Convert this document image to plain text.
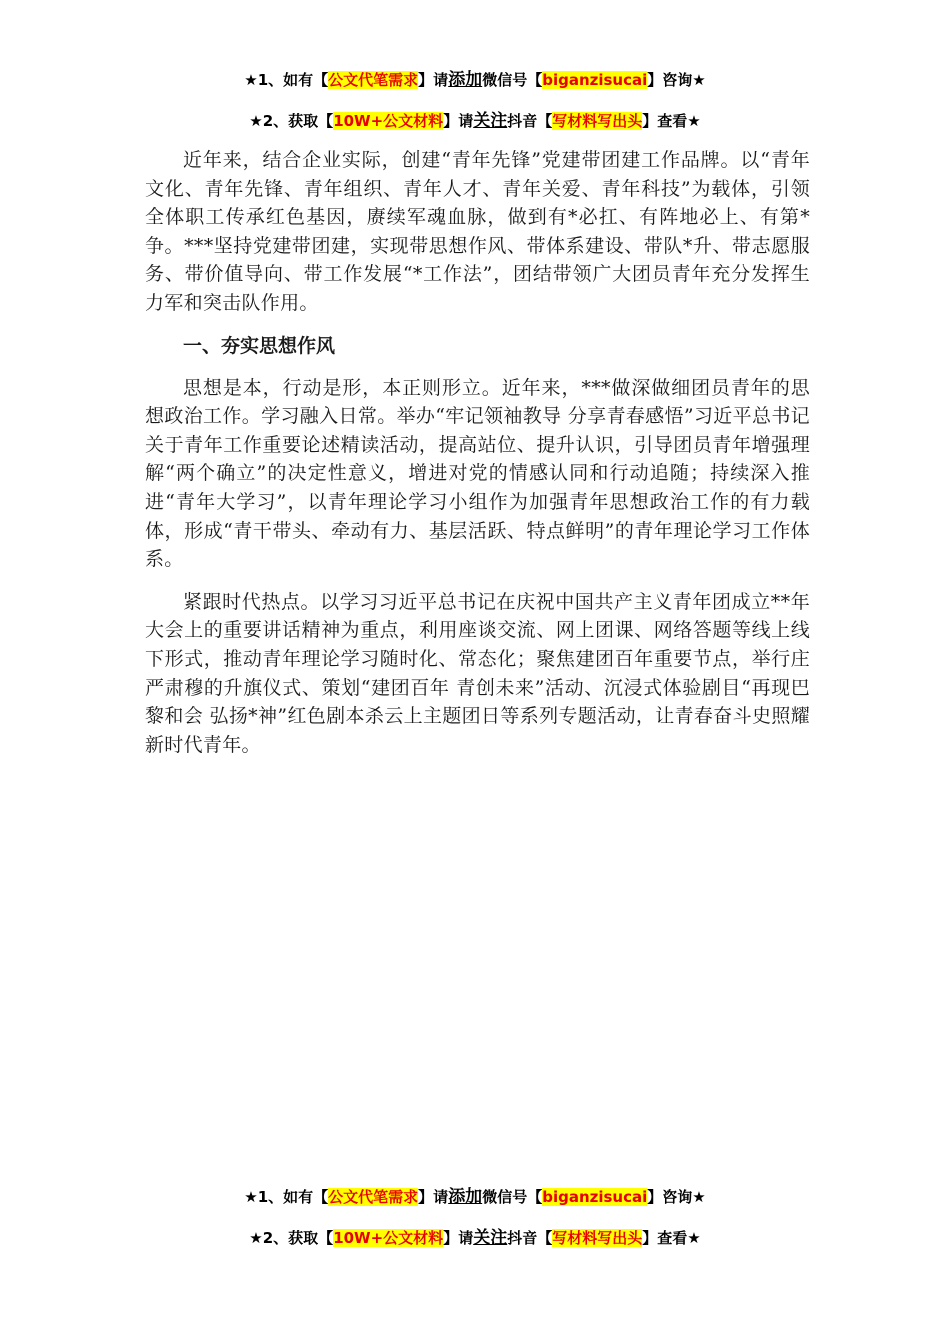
★1、如有【公文代笔需求】请添加微信号【biganzisucai】咨询★
★2、获取【10W+公文材料】请关注抖音【写材料写出头】查看★

近年来，结合企业实际，创建“青年先锋”党建带团建工作品牌。以“青年文化、青年先锋、青年组织、青年人才、青年关爱、青年科技”为载体，引领全体职工传承红色基因，赓续军魂血脉，做到有*必扛、有阵地必上、有第*争。***坚持党建带团建，实现带思想作风、带体系建设、带队*升、带志愿服务、带价值导向、带工作发展“*工作法”，团结带领广大团员青年充分发挥生力军和突击队作用。

一、夯实思想作风

思想是本，行动是形，本正则形立。近年来，***做深做细团员青年的思想政治工作。学习融入日常。举办“牢记领袖教导 分享青春感悟”习近平总书记关于青年工作重要论述精读活动，提高站位、提升认识，引导团员青年增强理解“两个确立”的决定性意义，增进对党的情感认同和行动追随；持续深入推进“青年大学习”，以青年理论学习小组作为加强青年思想政治工作的有力载体，形成“青干带头、牵动有力、基层活跃、特点鲜明”的青年理论学习工作体系。

紧跟时代热点。以学习习近平总书记在庆祝中国共产主义青年团成立**年大会上的重要讲话精神为重点，利用座谈交流、网上团课、网络答题等线上线下形式，推动青年理论学习随时化、常态化；聚焦建团百年重要节点，举行庄严肃穆的升旗仪式、策划“建团百年 青创未来”活动、沉浸式体验剧目“再现巴黎和会 弘扬*神”红色剧本杀云上主题团日等系列专题活动，让青春奋斗史照耀新时代青年。

★1、如有【公文代笔需求】请添加微信号【biganzisucai】咨询★
★2、获取【10W+公文材料】请关注抖音【写材料写出头】查看★
